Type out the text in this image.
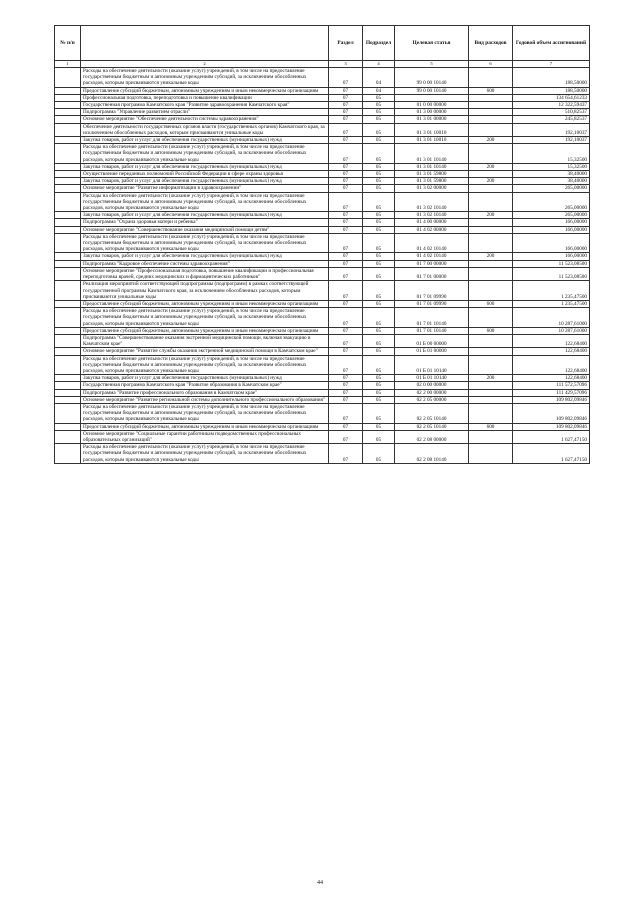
№ п/п		Раздел	Подраздел	Целевая статья	Вид расходов	Годовой объем ассигнований
1	2	3	4	5	6	7
	Расходы на обеспечение деятельности (оказание услуг) учреждений, в том числе на предоставление государственным бюджетным и автономным учреждениям субсидий, за исключением обособленных расходов, которым присваиваются уникальные коды	07	04	99 0 00 10140		188,50000
	Предоставление субсидий бюджетным, автономным учреждениям и иным некоммерческим организациям	07	04	99 0 00 10140	600	188,50000
	Профессиональная подготовка, переподготовка и повышение квалификации	07	05			134 654,61233
	Государственная программа Камчатского края "Развитие здравоохранения Камчатского края"	07	05	01 0 00 00000		12 322,59437
	Подпрограмма "Управление развитием отрасли"	07	05	01 3 00 00000		510,82537
	Основное мероприятие "Обеспечение деятельности системы здравоохранения"	07	05	01 3 01 00000		245,82537
	Обеспечение деятельности государственных органов власти (государственных органов) Камчатского края, за исключением обособленных расходов, которым присваиваются уникальные коды	07	05	01 3 01 10010		192,10037
	Закупка товаров, работ и услуг для обеспечения государственных (муниципальных) нужд	07	05	01 3 01 10010	200	192,10037
	Расходы на обеспечение деятельности (оказание услуг) учреждений, в том числе на предоставление государственным бюджетным и автономным учреждениям субсидий, за исключением обособленных расходов, которым присваиваются уникальные коды	07	05	01 3 01 10140		15,32500
	Закупка товаров, работ и услуг для обеспечения государственных (муниципальных) нужд	07	05	01 3 01 10140	200	15,32500
	Осуществление переданных полномочий Российской Федерации в сфере охраны здоровья	07	05	01 3 01 59800		38,40000
	Закупка товаров, работ и услуг для обеспечения государственных (муниципальных) нужд	07	05	01 3 01 59800	200	38,40000
	Основное мероприятие "Развитие информатизации в здравоохранении"	07	05	01 3 02 00000		265,00000
	Расходы на обеспечение деятельности (оказание услуг) учреждений, в том числе на предоставление государственным бюджетным и автономным учреждениям субсидий, за исключением обособленных расходов, которым присваиваются уникальные коды	07	05	01 3 02 10140		265,00000
	Закупка товаров, работ и услуг для обеспечения государственных (муниципальных) нужд	07	05	01 3 02 10140	200	265,00000
	Подпрограмма "Охрана здоровья матери и ребенка"	07	05	01 4 00 00000		166,00000
	Основное мероприятие "Совершенствование оказания медицинской помощи детям"	07	05	01 4 02 00000		166,00000
	Расходы на обеспечение деятельности (оказание услуг) учреждений, в том числе на предоставление государственным бюджетным и автономным учреждениям субсидий, за исключением обособленных расходов, которым присваиваются уникальные коды	07	05	01 4 02 10140		166,00000
	Закупка товаров, работ и услуг для обеспечения государственных (муниципальных) нужд	07	05	01 4 02 10140	200	166,00000
	Подпрограмма "Кадровое обеспечение системы здравоохранения"	07	05	01 7 00 00000		11 523,08500
	Основное мероприятие "Профессиональная подготовка, повышение квалификации и профессиональная переподготовка врачей, средних медицинских и фармацевтических работников"	07	05	01 7 01 00000		11 523,08500
	Реализация мероприятий соответствующей подпрограммы (подпрограмм) в рамках соответствующей государственной программы Камчатского края, за исключением обособленных расходов, которым присваиваются уникальные коды	07	05	01 7 01 09990		1 235,47500
	Предоставление субсидий бюджетным, автономным учреждениям и иным некоммерческим организациям	07	05	01 7 01 09990	600	1 235,47500
	Расходы на обеспечение деятельности (оказание услуг) учреждений, в том числе на предоставление государственным бюджетным и автономным учреждениям субсидий, за исключением обособленных расходов, которым присваиваются уникальные коды	07	05	01 7 01 10140		10 287,61000
	Предоставление субсидий бюджетным, автономным учреждениям и иным некоммерческим организациям	07	05	01 7 01 10140	600	10 287,61000
	Подпрограмма "Совершенствование оказания экстренной медицинской помощи, включая эвакуацию в Камчатском крае"	07	05	01 Б 00 00000		122,68400
	Основное мероприятие "Развитие службы оказания экстренной медицинской помощи в Камчатском крае"	07	05	01 Б 01 00000		122,68400
	Расходы на обеспечение деятельности (оказание услуг) учреждений, в том числе на предоставление государственным бюджетным и автономным учреждениям субсидий, за исключением обособленных расходов, которым присваиваются уникальные коды	07	05	01 Б 01 10140		122,68400
	Закупка товаров, работ и услуг для обеспечения государственных (муниципальных) нужд	07	05	01 Б 01 10140	200	122,68400
	Государственная программа Камчатского края "Развитие образования в Камчатском крае"	07	05	02 0 00 00000		111 572,57096
	Подпрограмма "Развитие профессионального образования в Камчатском крае"	07	05	02 2 00 00000		111 429,57096
	Основное мероприятие "Развитие региональной системы дополнительного профессионального образования"	07	05	02 2 05 00000		109 802,09846
	Расходы на обеспечение деятельности (оказание услуг) учреждений, в том числе на предоставление государственным бюджетным и автономным учреждениям субсидий, за исключением обособленных расходов, которым присваиваются уникальные коды	07	05	02 2 05 10140		109 802,09846
	Предоставление субсидий бюджетным, автономным учреждениям и иным некоммерческим организациям	07	05	02 2 05 10140	600	109 802,09846
	Основное мероприятие "Социальные гарантии работникам подведомственных профессиональных образовательных организаций"	07	05	02 2 08 00000		1 627,47150
	Расходы на обеспечение деятельности (оказание услуг) учреждений, в том числе на предоставление государственным бюджетным и автономным учреждениям субсидий, за исключением обособленных расходов, которым присваиваются уникальные коды	07	05	02 2 08 10140		1 627,47150
44
